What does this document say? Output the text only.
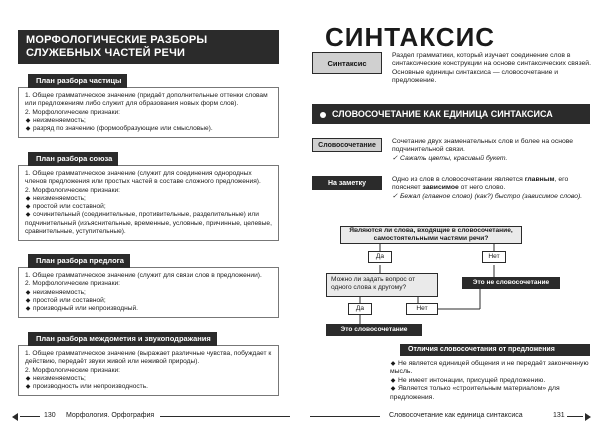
МОРФОЛОГИЧЕСКИЕ РАЗБОРЫ СЛУЖЕБНЫХ ЧАСТЕЙ РЕЧИ
План разбора частицы

1. Общее грамматическое значение (придаёт дополнительные оттенки словам или предложениям либо служит для образования новых форм слов).

2. Морфологические признаки:

◆ неизменяемость;

◆ разряд по значению (формообразующие или смысловые).

План разбора союза

1. Общее грамматическое значение (служит для соединения однородных членов предложения или простых частей в составе сложного предложения).

2. Морфологические признаки:

◆ неизменяемость;

◆ простой или составной;

◆ сочинительный (соединительные, противительные, разделительные) или подчинительный (изъяснительные, временные, условные, причинные, целевые, сравнительные, уступительные).

План разбора предлога

1. Общее грамматическое значение (служит для связи слов в предложении).

2. Морфологические признаки:

◆ неизменяемость;

◆ простой или составной;

◆ производный или непроизводный.

План разбора междометия и звукоподражания

1. Общее грамматическое значение (выражает различные чувства, побуждает к действию, передаёт звуки живой или неживой природы).

2. Морфологические признаки:

◆ неизменяемость;

◆ производность или непроизводность.

130 Морфология. Орфография
СИНТАКСИС
Синтаксис
Раздел грамматики, который изучает соединение слов в синтаксические конструкции на основе синтаксических связей. Основные единицы синтаксиса — словосочетание и предложение.
СЛОВОСОЧЕТАНИЕ КАК ЕДИНИЦА СИНТАКСИСА
Словосочетание
Сочетание двух знаменательных слов и более на основе подчинительной связи.
✓ Сажать цветы, красивый букет.
На заметку
Одно из слов в словосочетании является главным, его поясняет зависимое от него слово.
✓ Бежал (главное слово) (как?) быстро (зависимое слово).
Являются ли слова, входящие в словосочетание, самостоятельными частями речи?
Да	Нет
Можно ли задать вопрос от одного слова к другому?
Это не словосочетание
Да	Нет
Это словосочетание
Отличия словосочетания от предложения
◆ Не является единицей общения и не передаёт законченную мысль.
◆ Не имеет интонации, присущей предложению.
◆ Является только «строительным материалом» для предложения.
Словосочетание как единица синтаксиса	131
